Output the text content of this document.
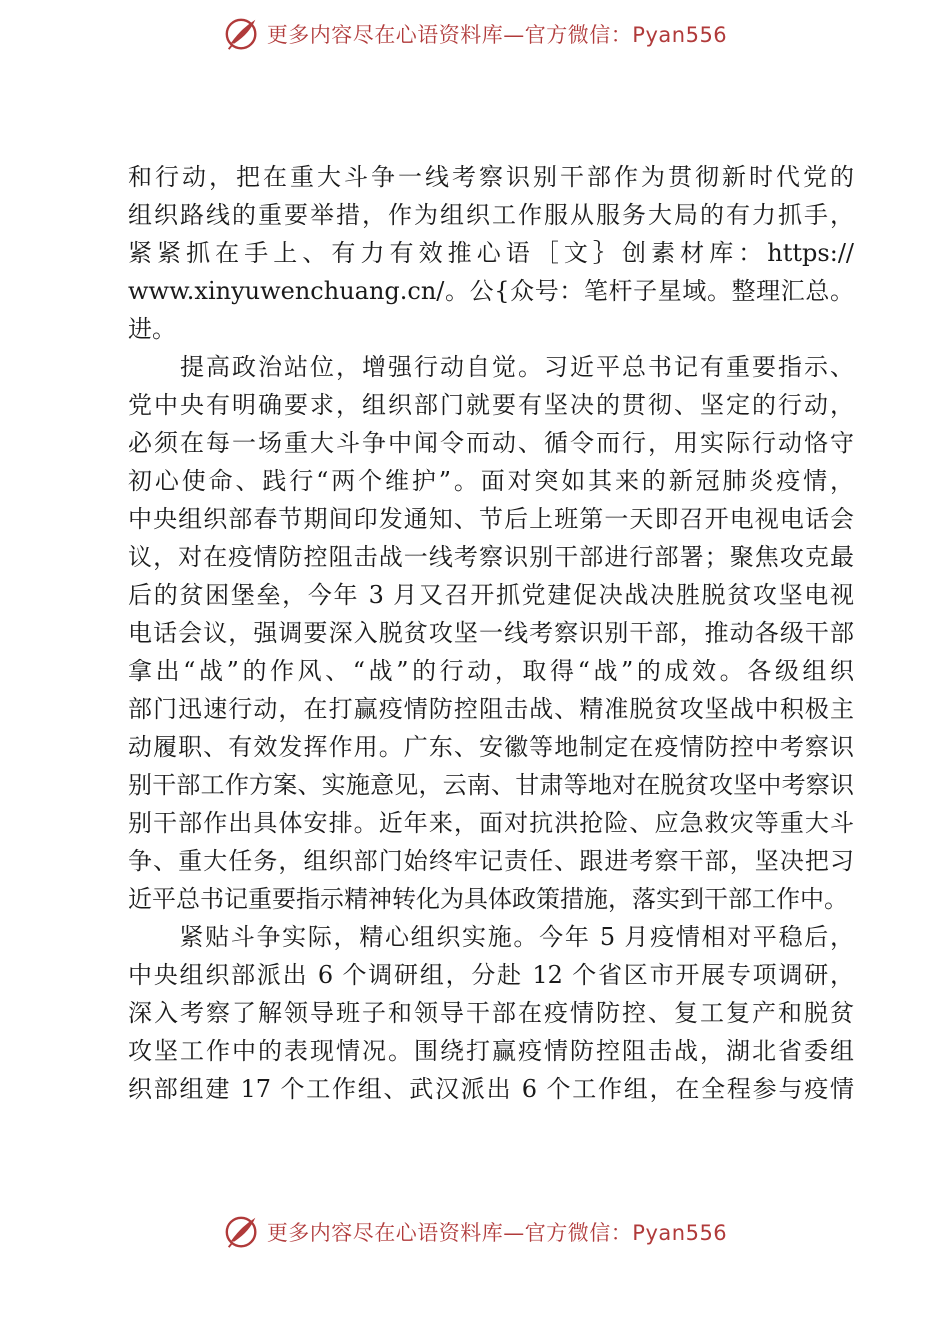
更多内容尽在心语资料库—官方微信：Pyan556
和行动，把在重大斗争一线考察识别干部作为贯彻新时代党的
组织路线的重要举措，作为组织工作服从服务大局的有力抓手，
紧紧抓在手上、有力有效推心语［文｝创素材库：https://
www.xinyuwenchuang.cn/。公{众号：笔杆子星域。整理汇总。
进。
　　提高政治站位，增强行动自觉。习近平总书记有重要指示、
党中央有明确要求，组织部门就要有坚决的贯彻、坚定的行动，
必须在每一场重大斗争中闻令而动、循令而行，用实际行动恪守
初心使命、践行“两个维护”。面对突如其来的新冠肺炎疫情，
中央组织部春节期间印发通知、节后上班第一天即召开电视电话会
议，对在疫情防控阻击战一线考察识别干部进行部署；聚焦攻克最
后的贫困堡垒，今年 3 月又召开抓党建促决战决胜脱贫攻坚电视
电话会议，强调要深入脱贫攻坚一线考察识别干部，推动各级干部
拿出“战”的作风、“战”的行动，取得“战”的成效。各级组织
部门迅速行动，在打赢疫情防控阻击战、精准脱贫攻坚战中积极主
动履职、有效发挥作用。广东、安徽等地制定在疫情防控中考察识
别干部工作方案、实施意见，云南、甘肃等地对在脱贫攻坚中考察识
别干部作出具体安排。近年来，面对抗洪抢险、应急救灾等重大斗
争、重大任务，组织部门始终牢记责任、跟进考察干部，坚决把习
近平总书记重要指示精神转化为具体政策措施，落实到干部工作中。
　　紧贴斗争实际，精心组织实施。今年 5 月疫情相对平稳后，
中央组织部派出 6 个调研组，分赴 12 个省区市开展专项调研，
深入考察了解领导班子和领导干部在疫情防控、复工复产和脱贫
攻坚工作中的表现情况。围绕打赢疫情防控阻击战，湖北省委组
织部组建 17 个工作组、武汉派出 6 个工作组，在全程参与疫情
更多内容尽在心语资料库—官方微信：Pyan556
